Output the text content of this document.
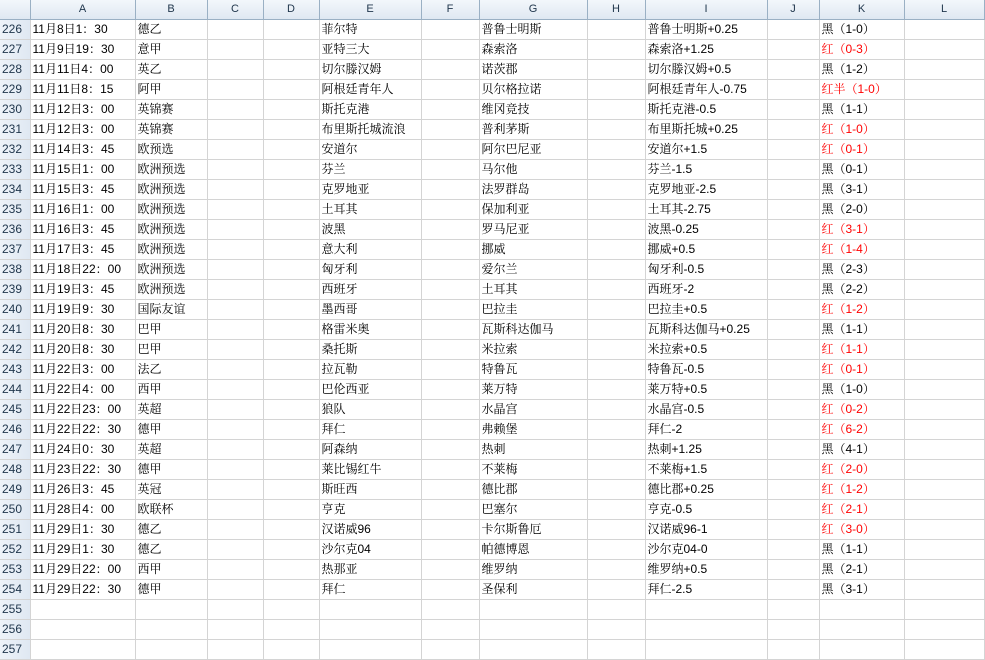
	A	B	C	D	E	F	G	H	I	J	K	L
226	11月8日1：30	德乙			菲尔特		普鲁士明斯		普鲁士明斯+0.25		黑（1-0）	
227	11月9日19：30	意甲			亚特三大		森索洛		森索洛+1.25		红（0-3）	
228	11月11日4：00	英乙			切尔滕汉姆		诺茨郡		切尔滕汉姆+0.5		黑（1-2）	
229	11月11日8：15	阿甲			阿根廷青年人		贝尔格拉诺		阿根廷青年人-0.75		红半（1-0）	
230	11月12日3：00	英锦赛			斯托克港		维冈竞技		斯托克港-0.5		黑（1-1）	
231	11月12日3：00	英锦赛			布里斯托城流浪		普利茅斯		布里斯托城+0.25		红（1-0）	
232	11月14日3：45	欧预选			安道尔		阿尔巴尼亚		安道尔+1.5		红（0-1）	
233	11月15日1：00	欧洲预选			芬兰		马尔他		芬兰-1.5		黑（0-1）	
234	11月15日3：45	欧洲预选			克罗地亚		法罗群岛		克罗地亚-2.5		黑（3-1）	
235	11月16日1：00	欧洲预选			土耳其		保加利亚		土耳其-2.75		黑（2-0）	
236	11月16日3：45	欧洲预选			波黑		罗马尼亚		波黑-0.25		红（3-1）	
237	11月17日3：45	欧洲预选			意大利		挪威		挪威+0.5		红（1-4）	
238	11月18日22：00	欧洲预选			匈牙利		爱尔兰		匈牙利-0.5		黑（2-3）	
239	11月19日3：45	欧洲预选			西班牙		土耳其		西班牙-2		黑（2-2）	
240	11月19日9：30	国际友谊			墨西哥		巴拉圭		巴拉圭+0.5		红（1-2）	
241	11月20日8：30	巴甲			格雷米奥		瓦斯科达伽马		瓦斯科达伽马+0.25		黑（1-1）	
242	11月20日8：30	巴甲			桑托斯		米拉索		米拉索+0.5		红（1-1）	
243	11月22日3：00	法乙			拉瓦勒		特鲁瓦		特鲁瓦-0.5		红（0-1）	
244	11月22日4：00	西甲			巴伦西亚		莱万特		莱万特+0.5		黑（1-0）	
245	11月22日23：00	英超			狼队		水晶宫		水晶宫-0.5		红（0-2）	
246	11月22日22：30	德甲			拜仁		弗赖堡		拜仁-2		红（6-2）	
247	11月24日0：30	英超			阿森纳		热刺		热刺+1.25		黑（4-1）	
248	11月23日22：30	德甲			莱比锡红牛		不莱梅		不莱梅+1.5		红（2-0）	
249	11月26日3：45	英冠			斯旺西		德比郡		德比郡+0.25		红（1-2）	
250	11月28日4：00	欧联杯			亨克		巴塞尔		亨克-0.5		红（2-1）	
251	11月29日1：30	德乙			汉诺威96		卡尔斯鲁厄		汉诺威96-1		红（3-0）	
252	11月29日1：30	德乙			沙尔克04		帕德博恩		沙尔克04-0		黑（1-1）	
253	11月29日22：00	西甲			热那亚		维罗纳		维罗纳+0.5		黑（2-1）	
254	11月29日22：30	德甲			拜仁		圣保利		拜仁-2.5		黑（3-1）	
255												
256												
257												
